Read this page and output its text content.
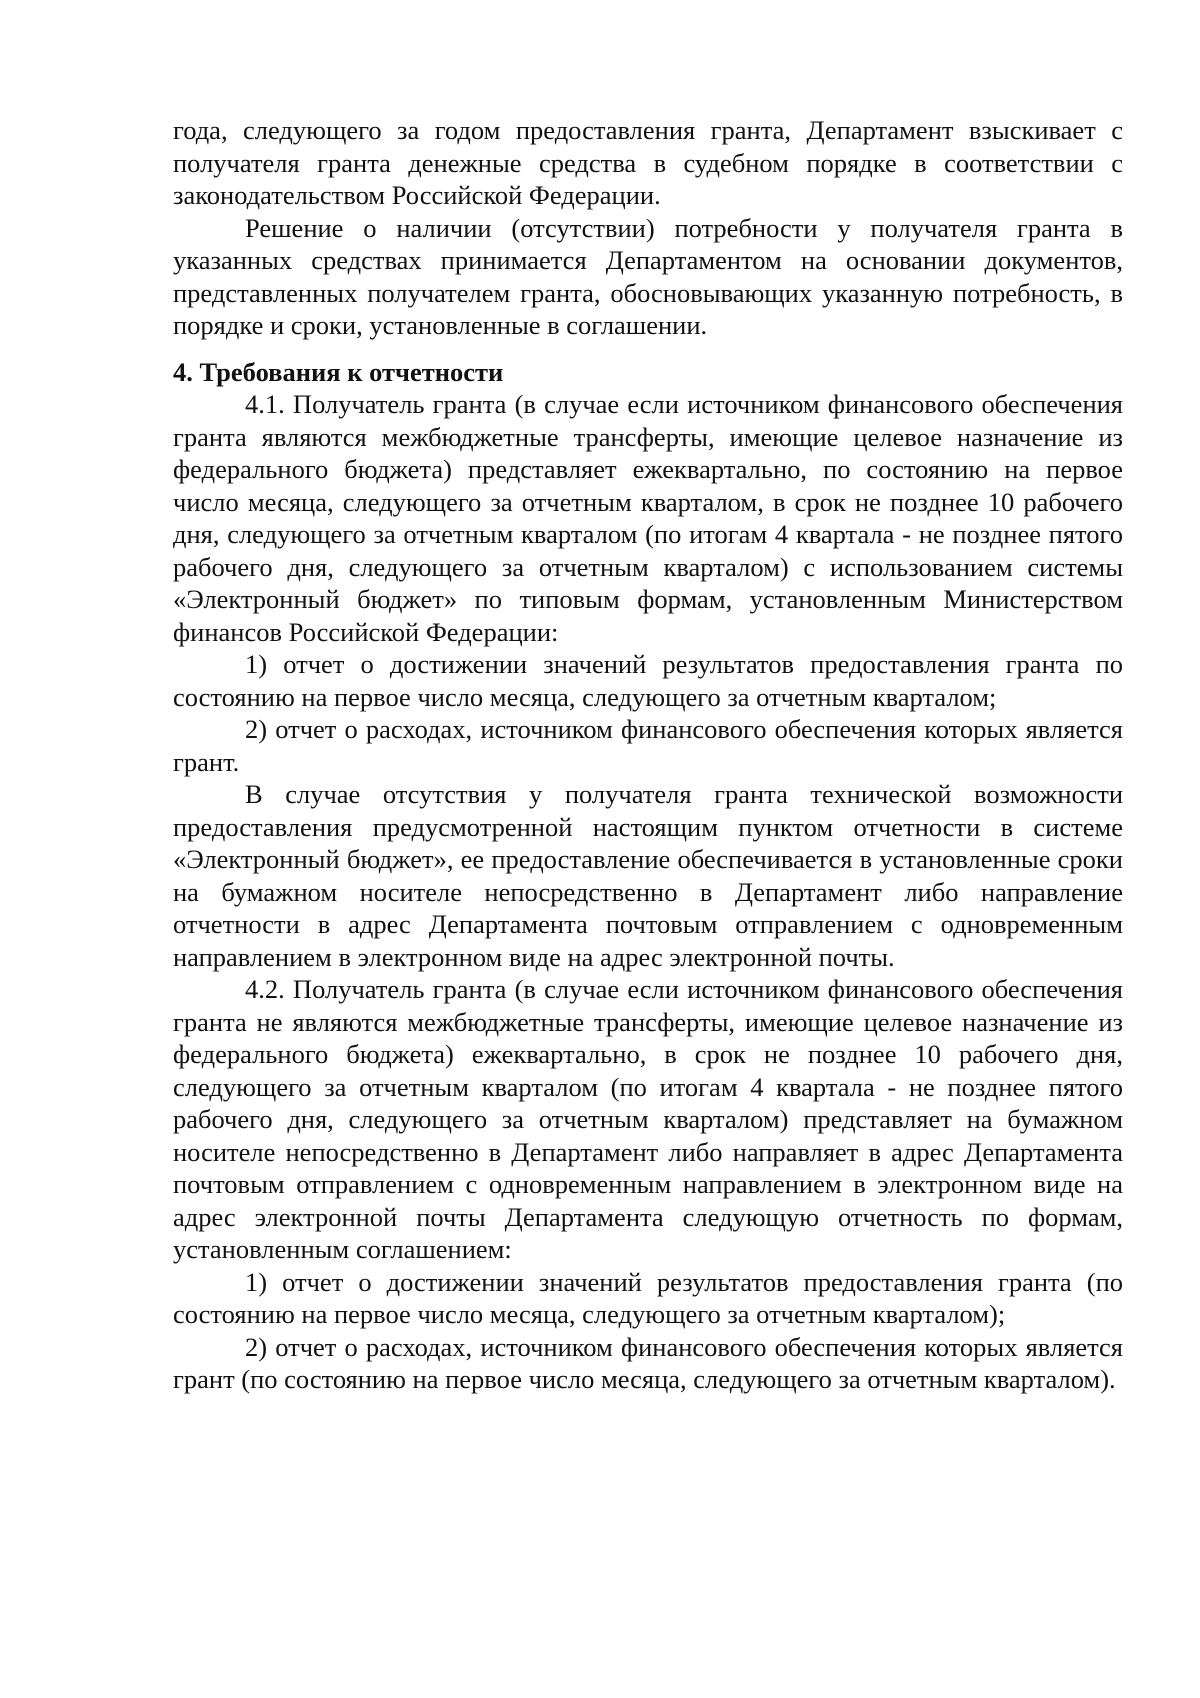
года, следующего за годом предоставления гранта, Департамент взыскивает с получателя гранта денежные средства в судебном порядке в соответствии с законодательством Российской Федерации.

Решение о наличии (отсутствии) потребности у получателя гранта в указанных средствах принимается Департаментом на основании документов, представленных получателем гранта, обосновывающих указанную потребность, в порядке и сроки, установленные в соглашении.

4. Требования к отчетности

4.1. Получатель гранта (в случае если источником финансового обеспечения гранта являются межбюджетные трансферты, имеющие целевое назначение из федерального бюджета) представляет ежеквартально, по состоянию на первое число месяца, следующего за отчетным кварталом, в срок не позднее 10 рабочего дня, следующего за отчетным кварталом (по итогам 4 квартала - не позднее пятого рабочего дня, следующего за отчетным кварталом) с использованием системы «Электронный бюджет» по типовым формам, установленным Министерством финансов Российской Федерации:

1) отчет о достижении значений результатов предоставления гранта по состоянию на первое число месяца, следующего за отчетным кварталом;

2) отчет о расходах, источником финансового обеспечения которых является грант.

В случае отсутствия у получателя гранта технической возможности предоставления предусмотренной настоящим пунктом отчетности в системе «Электронный бюджет», ее предоставление обеспечивается в установленные сроки на бумажном носителе непосредственно в Департамент либо направление отчетности в адрес Департамента почтовым отправлением с одновременным направлением в электронном виде на адрес электронной почты.

4.2. Получатель гранта (в случае если источником финансового обеспечения гранта не являются межбюджетные трансферты, имеющие целевое назначение из федерального бюджета) ежеквартально, в срок не позднее 10 рабочего дня, следующего за отчетным кварталом (по итогам 4 квартала - не позднее пятого рабочего дня, следующего за отчетным кварталом) представляет на бумажном носителе непосредственно в Департамент либо направляет в адрес Департамента почтовым отправлением с одновременным направлением в электронном виде на адрес электронной почты Департамента следующую отчетность по формам, установленным соглашением:

1) отчет о достижении значений результатов предоставления гранта (по состоянию на первое число месяца, следующего за отчетным кварталом);

2) отчет о расходах, источником финансового обеспечения которых является грант (по состоянию на первое число месяца, следующего за отчетным кварталом).
